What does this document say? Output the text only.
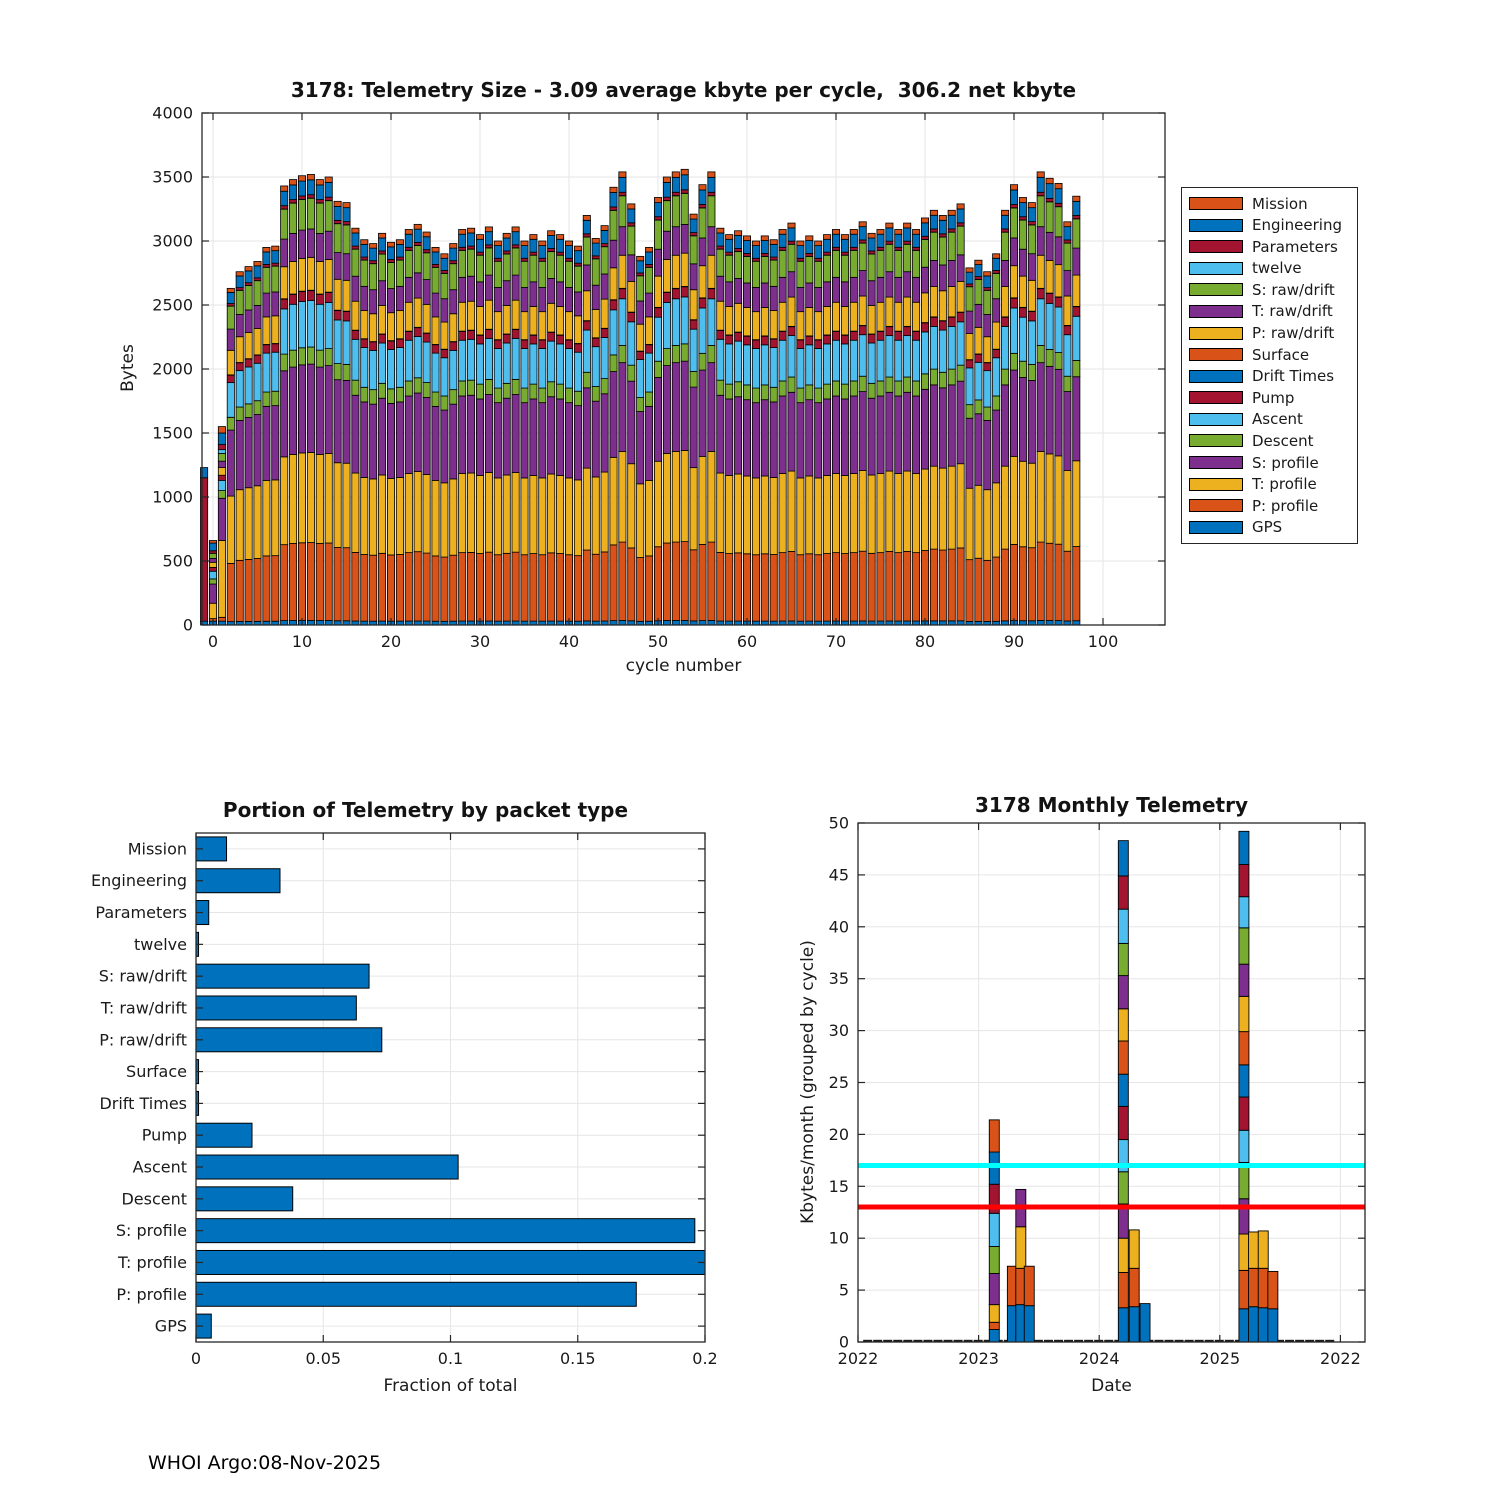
0
500
1000
1500
2000
2500
3000
3500
4000
0	10	20	30	40	50	60	70	80	90	100
Mission
Engineering
Parameters
twelve
S: raw/drift
T: raw/drift
P: raw/drift
Surface
Drift Times
Pump
Ascent
Descent
S: profile
T: profile
P: profile
GPS
0	0.05	0.1	0.15	0.2
0
5
10
15
20
25
30
35
40
45
50
2022	2023	2024	2025	2022
3178: Telemetry Size - 3.09 average kbyte per cycle,  306.2 net kbyte
Bytes
cycle number
Mission
Engineering
Parameters
twelve
S: raw/drift
T: raw/drift
P: raw/drift
Surface
Drift Times
Pump
Ascent
Descent
S: profile
T: profile
P: profile
GPS
Portion of Telemetry by packet type
Fraction of total
3178 Monthly Telemetry
Kbytes/month (grouped by cycle)
Date
WHOI Argo:08-Nov-2025
